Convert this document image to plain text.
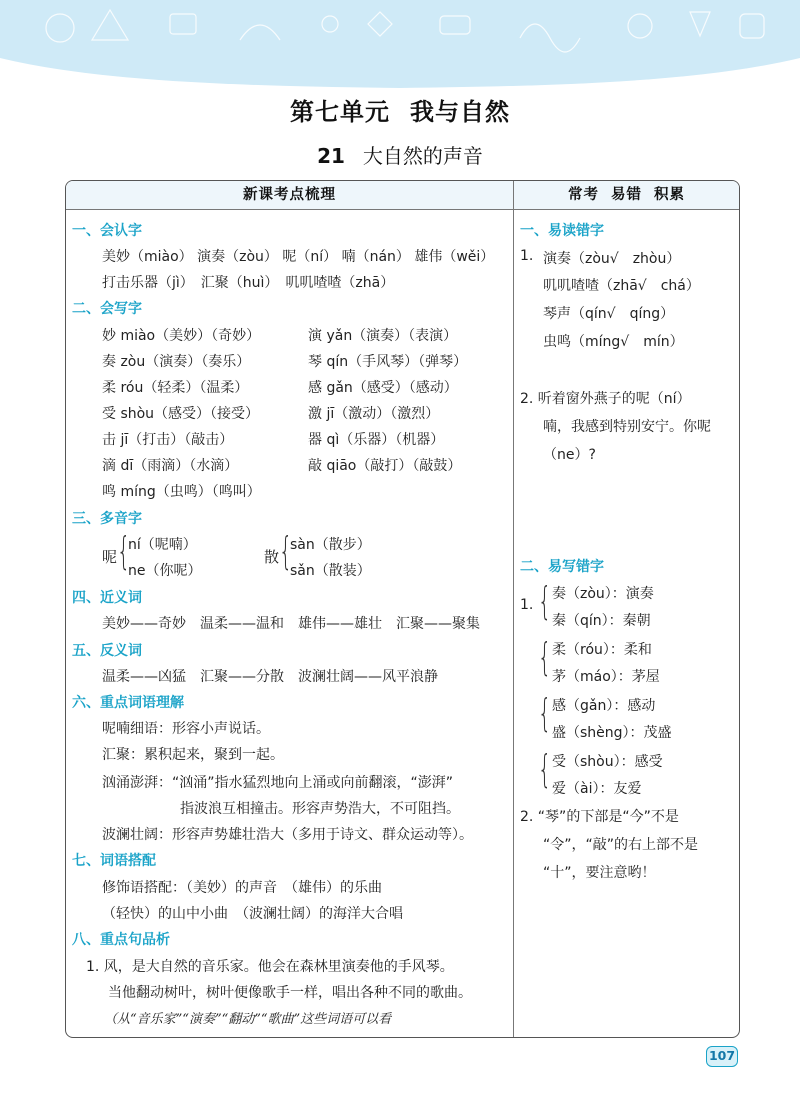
第七单元 我与自然
21 大自然的声音
新课考点梳理	常考 易错 积累
一、会认字
美妙（miào） 演奏（zòu） 呢（ní） 喃（nán） 雄伟（wěi）
打击乐器（jì）　汇聚（huì）　叽叽喳喳（zhā）
二、会写字
妙 miào（美妙）（奇妙）	演 yǎn（演奏）（表演）
奏 zòu（演奏）（奏乐）	琴 qín（手风琴）（弹琴）
柔 róu（轻柔）（温柔）	感 gǎn（感受）（感动）
受 shòu（感受）（接受）	激 jī（激动）（激烈）
击 jī（打击）（敲击）	器 qì（乐器）（机器）
滴 dī（雨滴）（水滴）	敲 qiāo（敲打）（敲鼓）
鸣 míng（虫鸣）（鸣叫）
三、多音字
呢 {
ní（呢喃）
ne（你呢）
散 {
sàn（散步）
sǎn（散装）
四、近义词
美妙——奇妙　温柔——温和　雄伟——雄壮　汇聚——聚集
五、反义词
温柔——凶猛　汇聚——分散　波澜壮阔——风平浪静
六、重点词语理解
呢喃细语：形容小声说话。
汇聚：累积起来，聚到一起。
汹涌澎湃：“汹涌”指水猛烈地向上涌或向前翻滚，“澎湃”
指波浪互相撞击。形容声势浩大，不可阻挡。
波澜壮阔：形容声势雄壮浩大（多用于诗文、群众运动等）。
七、词语搭配
修饰语搭配：（美妙）的声音　（雄伟）的乐曲
（轻快）的山中小曲　（波澜壮阔）的海洋大合唱
八、重点句品析
1. 风，是大自然的音乐家。他会在森林里演奏他的手风琴。
当他翻动树叶，树叶便像歌手一样，唱出各种不同的歌曲。
（从“音乐家”“演奏”“翻动”“歌曲”这些词语可以看
一、易读错字
1. 演奏（zòu√　zhòu）
叽叽喳喳（zhā√　chá）
琴声（qín√　qíng）
虫鸣（míng√　mín）
2. 听着窗外燕子的呢（ní）
喃，我感到特别安宁。你呢
（ne）?
二、易写错字
1. { 奏（zòu）：演奏
秦（qín）：秦朝
{ 柔（róu）：柔和
茅（máo）：茅屋
{ 感（gǎn）：感动
盛（shèng）：茂盛
{ 受（shòu）：感受
爱（ài）：友爱
2. “琴”的下部是“今”不是
“令”，“敲”的右上部不是
“十”，要注意哟！
107
